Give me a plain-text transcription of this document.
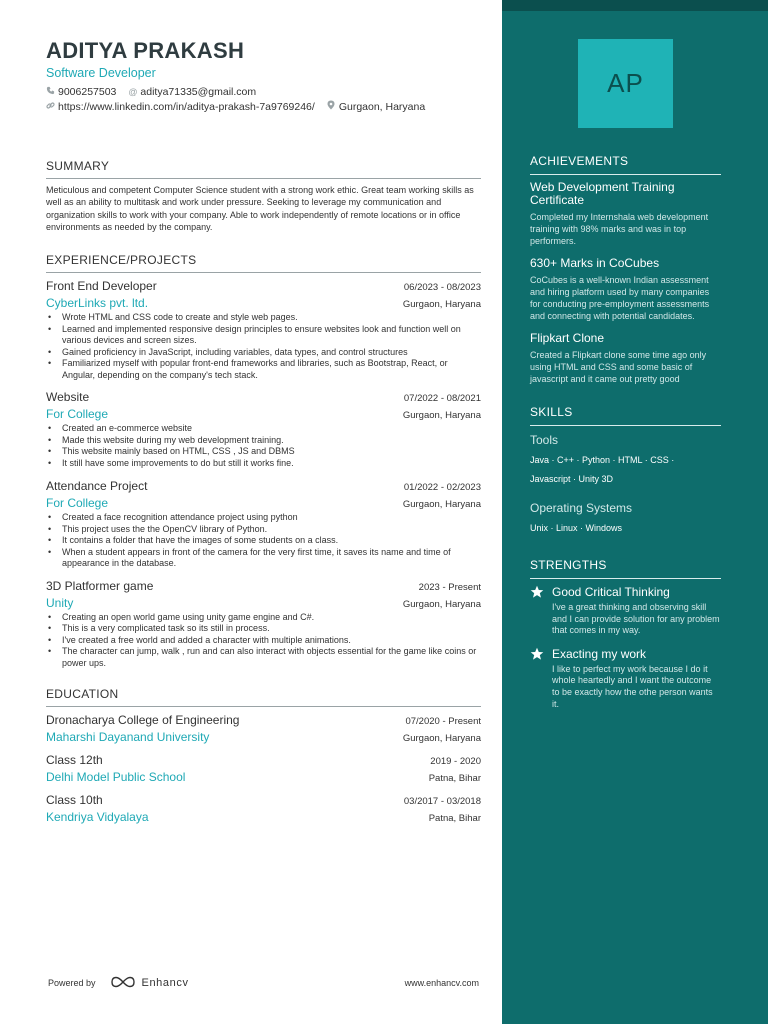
ADITYA PRAKASH
Software Developer
9006257503 @ aditya71335@gmail.com
https://www.linkedin.com/in/aditya-prakash-7a9769246/ Gurgaon, Haryana
SUMMARY

Meticulous and competent Computer Science student with a strong work ethic. Great team working skills as well as an ability to multitask and work under pressure. Seeking to leverage my communication and organization skills to work with your company. Able to work independently of remote locations or in office environments as needed by the company.

EXPERIENCE/PROJECTS
Front End Developer	06/2023 - 08/2023
CyberLinks pvt. ltd.	Gurgaon, Haryana
• Wrote HTML and CSS code to create and style web pages.
• Learned and implemented responsive design principles to ensure websites look and function well on various devices and screen sizes.
• Gained proficiency in JavaScript, including variables, data types, and control structures
• Familiarized myself with popular front-end frameworks and libraries, such as Bootstrap, React, or Angular, depending on the company's tech stack.
Website	07/2022 - 08/2021
For College	Gurgaon, Haryana
• Created an e-commerce website
• Made this website during my web development training.
• This website mainly based on HTML, CSS , JS and DBMS
• It still have some improvements to do but still it works fine.
Attendance Project	01/2022 - 02/2023
For College	Gurgaon, Haryana
• Created a face recognition attendance project using python
• This project uses the the OpenCV library of Python.
• It contains a folder that have the images of some students on a class.
• When a student appears in front of the camera for the very first time, it saves its name and time of appearance in the database.
3D Platformer game	2023 - Present
Unity	Gurgaon, Haryana
• Creating an open world game using unity game engine and C#.
• This is a very complicated task so its still in process.
• I've created a free world and added a character with multiple animations.
• The character can jump, walk , run and can also interact with objects essential for the game like coins or power ups.
EDUCATION
Dronacharya College of Engineering	07/2020 - Present
Maharshi Dayanand University	Gurgaon, Haryana
Class 12th	2019 - 2020
Delhi Model Public School	Patna, Bihar
Class 10th	03/2017 - 03/2018
Kendriya Vidyalaya	Patna, Bihar
Powered by	Enhancv	www.enhancv.com
AP
ACHIEVEMENTS
Web Development Training Certificate
Completed my Internshala web development training with 98% marks and was in top performers.
630+ Marks in CoCubes
CoCubes is a well-known Indian assessment and hiring platform used by many companies for conducting pre-employment assessments and connecting with potential candidates.
Flipkart Clone
Created a Flipkart clone some time ago only using HTML and CSS and some basic of javascript and it came out pretty good
SKILLS
Tools
Java · C++ · Python · HTML · CSS ·
Javascript · Unity 3D
Operating Systems
Unix · Linux · Windows
STRENGTHS
Good Critical Thinking
I've a great thinking and observing skill and I can provide solution for any problem that comes in my way.
Exacting my work
I like to perfect my work because I do it whole heartedly and I want the outcome to be exactly how the othe person wants it.
